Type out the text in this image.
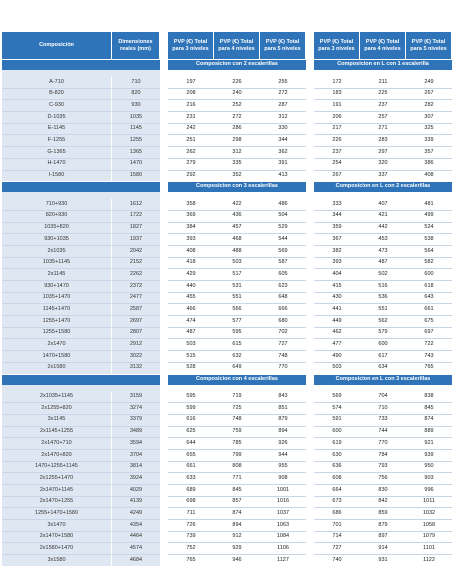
Composición	Dimensiones reales (mm)		PVP (€) Total para 3 niveles	PVP (€) Total para 4 niveles	PVP (€) Total para 5 niveles		PVP (€) Total para 3 niveles	PVP (€) Total para 4 niveles	PVP (€) Total para 5 niveles
			Composicion con 2 escalerillas				Composicion en L con 1 escalerilla		

A-710	710		197	226	255		172	211	249
B-820	820		208	240	272		183	225	267
C-930	930		216	252	287		191	237	282
D-1035	1035		231	272	312		206	257	307
E-1145	1145		242	286	330		217	271	325
F-1255	1255		251	298	344		226	283	339
G-1365	1365		262	312	362		237	297	357
H-1470	1470		279	335	391		254	320	386
I-1580	1580		292	352	413		267	337	408
			Composicion con 3 escalerillas				Composicion en L con 2 escalerillas		

710+930	1612		358	422	486		333	407	481
820+930	1722		369	436	504		344	421	499
1035+820	1827		384	457	529		359	442	524
930+1035	1937		393	468	544		367	453	538
2x1035	2042		408	488	569		382	473	564
1035+1145	2152		418	503	587		393	487	582
2x1145	2262		429	517	605		404	502	600
930+1470	2372		440	531	623		415	516	618
1035+1470	2477		455	551	648		430	536	643
1145+1470	2587		466	566	666		441	551	661
1255+1470	2697		474	577	680		449	562	675
1255+1580	2807		487	595	702		462	579	697
2x1470	2912		503	615	727		477	600	722
1470+1580	3022		515	632	748		490	617	743
2x1580	3132		528	649	770		503	634	765
			Composicion con 4 escalerillas				Composicion en L con 3 escalerillas		

2x1035+1145	3159		595	719	843		569	704	838
2x1255+820	3274		599	725	851		574	710	845
3x1145	3379		616	748	879		591	733	874
2x1145+1255	3489		625	759	894		600	744	889
2x1470+710	3594		644	785	926		619	770	921
2x1470+820	3704		655	799	944		630	784	939
1470+1255+1145	3814		661	808	955		636	793	950
2x1255+1470	3924		633	771	908		608	756	903
2x1470+1145	4029		689	845	1001		664	830	996
2x1470+1255	4139		698	857	1016		673	842	1011
1255+1470+1580	4249		711	874	1037		686	859	1032
3x1470	4354		726	894	1063		701	879	1058
2x1470+1580	4464		739	912	1084		714	897	1079
2x1580+1470	4574		752	929	1106		727	914	1101
3x1580	4684		765	946	1127		740	931	1122
